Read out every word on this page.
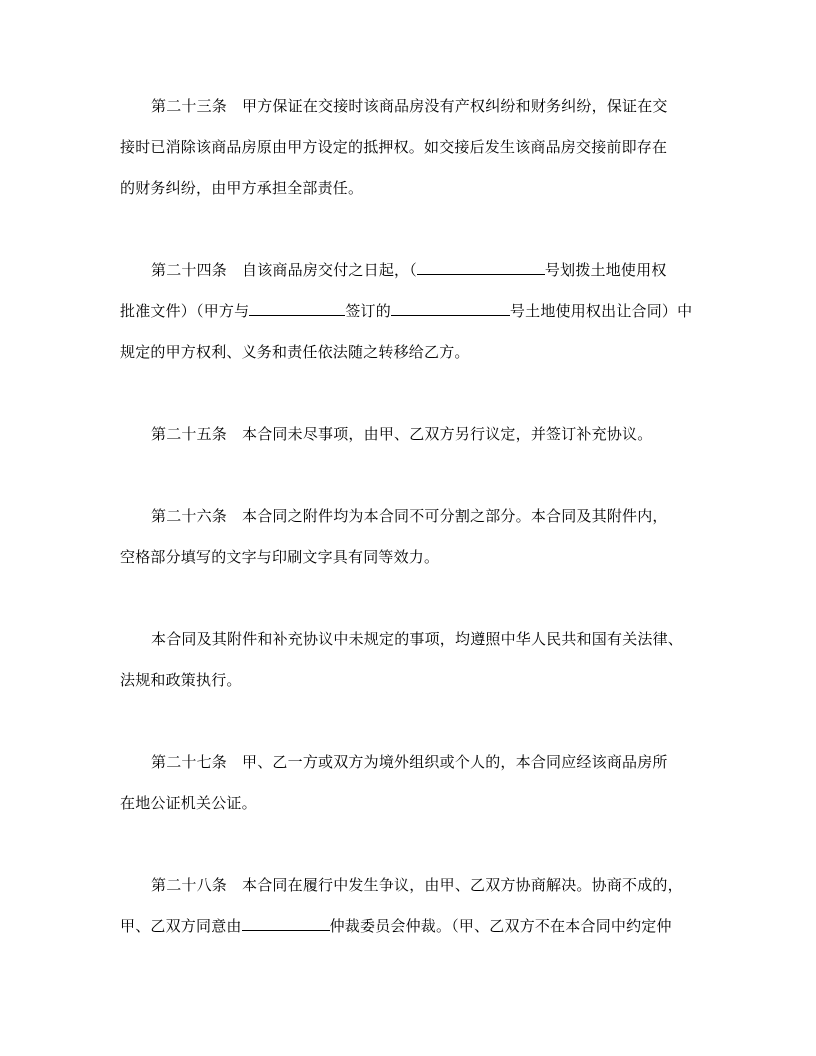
第二十三条 甲方保证在交接时该商品房没有产权纠纷和财务纠纷，保证在交
接时已消除该商品房原由甲方设定的抵押权。如交接后发生该商品房交接前即存在
的财务纠纷，由甲方承担全部责任。
第二十四条 自该商品房交付之日起，（	号划拨土地使用权
批准文件）（甲方与	签订的	号土地使用权出让合同）中
规定的甲方权利、义务和责任依法随之转移给乙方。
第二十五条 本合同未尽事项，由甲、乙双方另行议定，并签订补充协议。
第二十六条 本合同之附件均为本合同不可分割之部分。本合同及其附件内，
空格部分填写的文字与印刷文字具有同等效力。
本合同及其附件和补充协议中未规定的事项，均遵照中华人民共和国有关法律、
法规和政策执行。
第二十七条 甲、乙一方或双方为境外组织或个人的，本合同应经该商品房所
在地公证机关公证。
第二十八条 本合同在履行中发生争议，由甲、乙双方协商解决。协商不成的，
甲、乙双方同意由	仲裁委员会仲裁。（甲、乙双方不在本合同中约定仲
